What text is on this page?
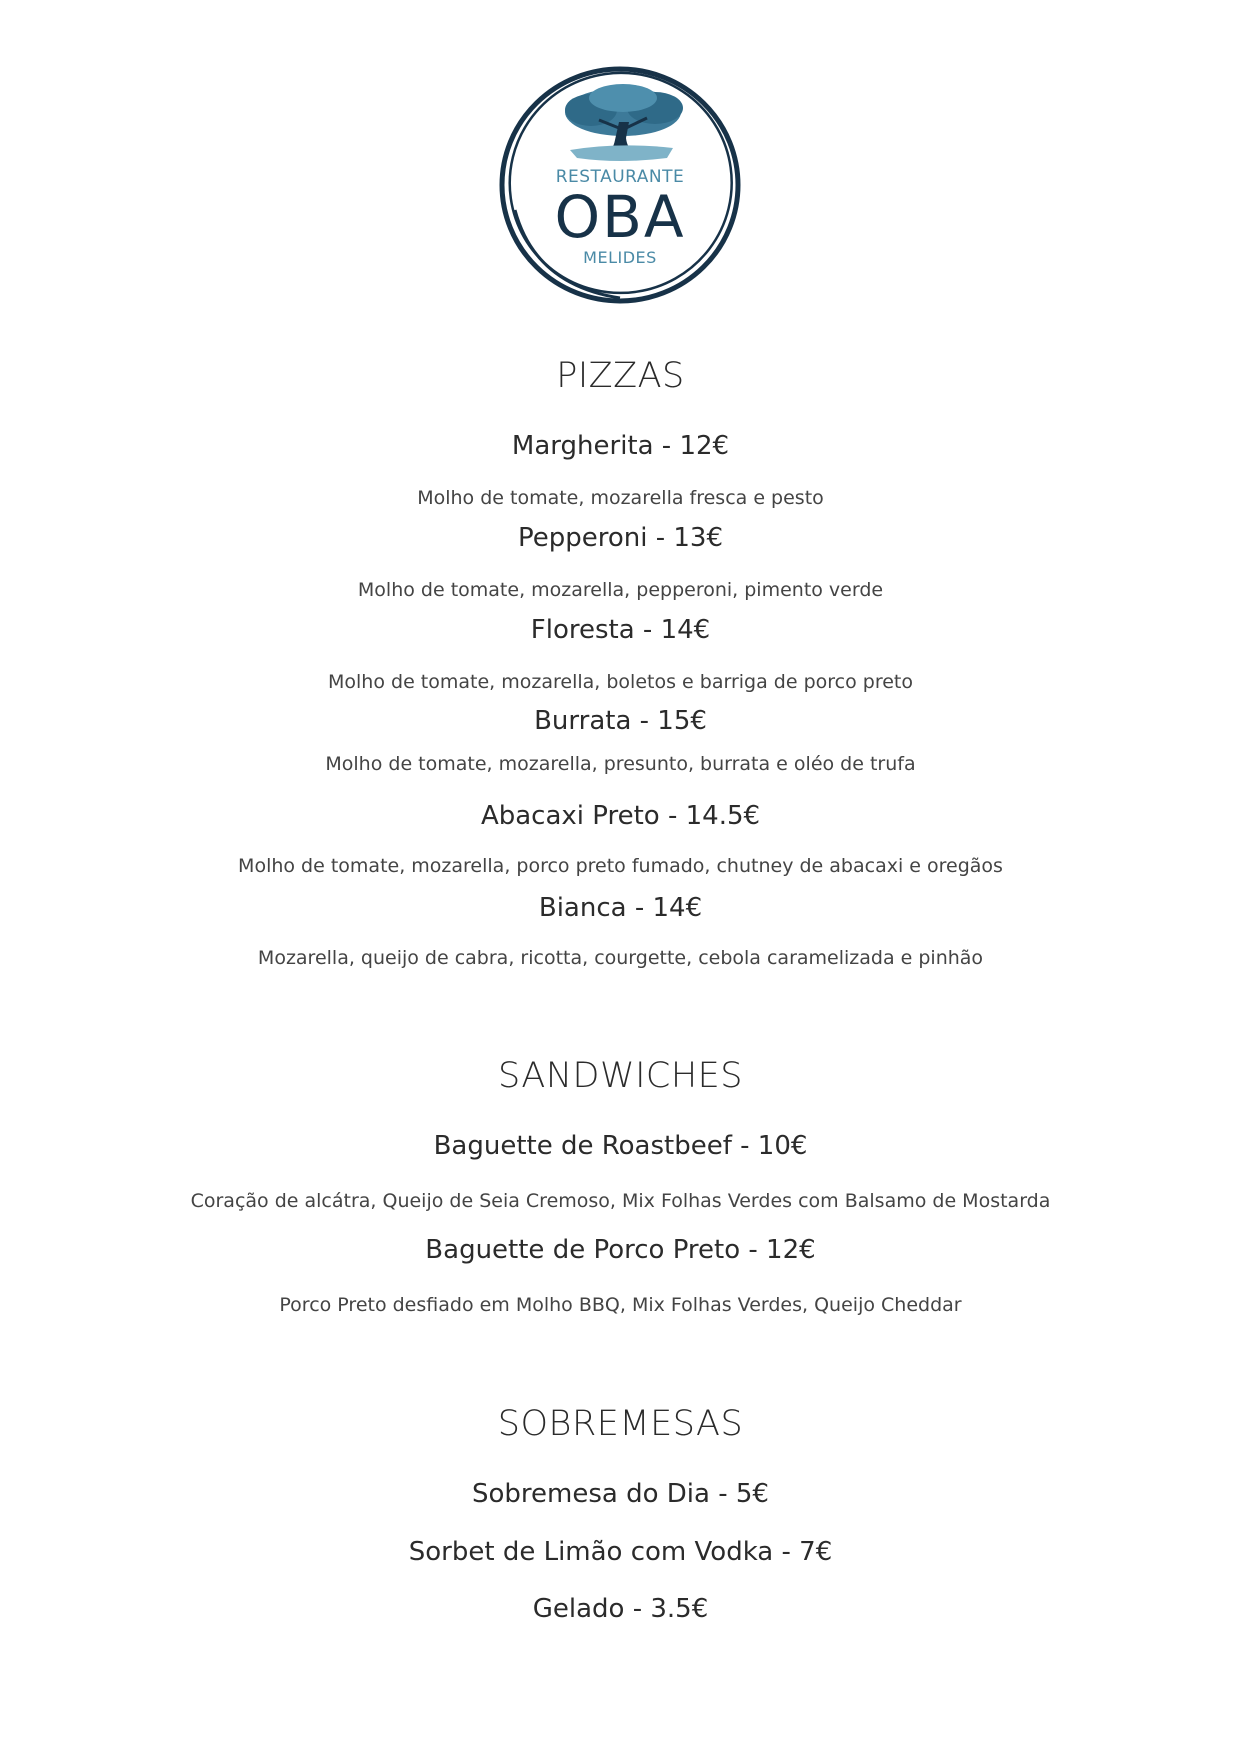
RESTAURANTE
OBA
MELIDES
PIZZAS
Margherita - 12€
Molho de tomate, mozarella fresca e pesto
Pepperoni - 13€
Molho de tomate, mozarella, pepperoni, pimento verde
Floresta - 14€
Molho de tomate, mozarella, boletos e barriga de porco preto
Burrata - 15€
Molho de tomate, mozarella, presunto, burrata e oléo de trufa
Abacaxi Preto - 14.5€
Molho de tomate, mozarella, porco preto fumado, chutney de abacaxi e oregãos
Bianca - 14€
Mozarella, queijo de cabra, ricotta, courgette, cebola caramelizada e pinhão
SANDWICHES
Baguette de Roastbeef - 10€
Coração de alcátra, Queijo de Seia Cremoso, Mix Folhas Verdes com Balsamo de Mostarda
Baguette de Porco Preto - 12€
Porco Preto desfiado em Molho BBQ, Mix Folhas Verdes, Queijo Cheddar
SOBREMESAS
Sobremesa do Dia - 5€
Sorbet de Limão com Vodka - 7€
Gelado - 3.5€
